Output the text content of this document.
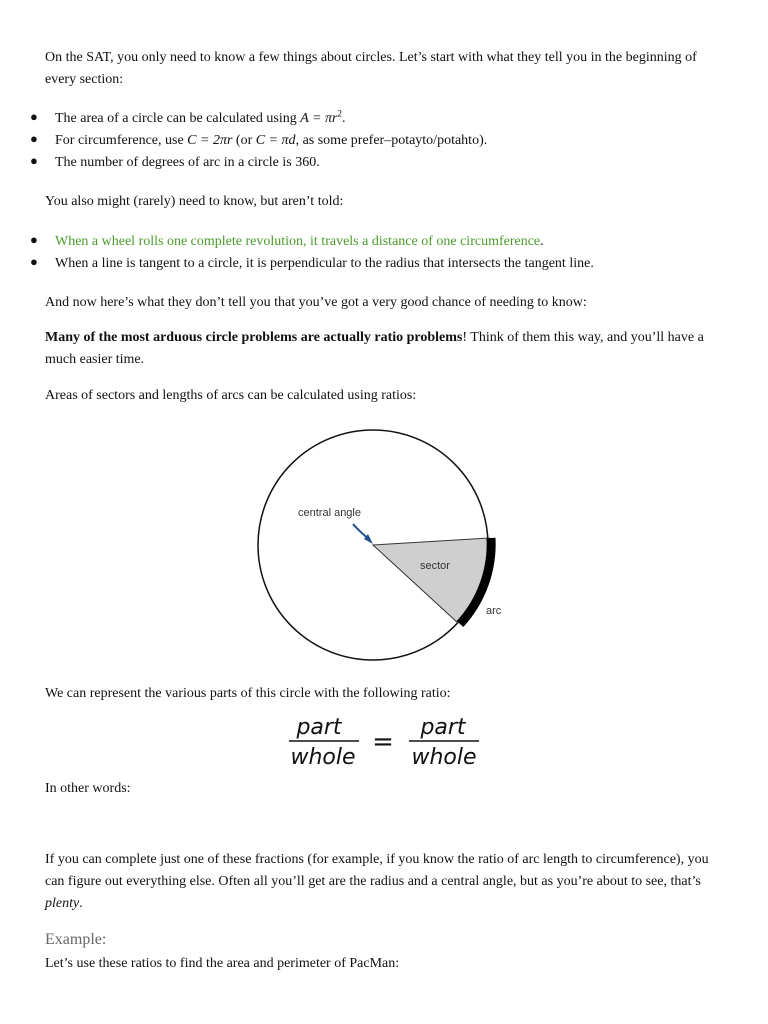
On the SAT, you only need to know a few things about circles. Let’s start with what they tell you in the beginning of every section:

● The area of a circle can be calculated using $A = \pi r^2$.
● For circumference, use C = 2πr (or C = πd, as some prefer–potayto/potahto).
● The number of degrees of arc in a circle is 360.

You also might (rarely) need to know, but aren’t told:

● When a wheel rolls one complete revolution, it travels a distance of one circumference.
● When a line is tangent to a circle, it is perpendicular to the radius that intersects the tangent line.

And now here’s what they don’t tell you that you’ve got a very good chance of needing to know:

Many of the most arduous circle problems are actually ratio problems! Think of them this way, and you’ll have a much easier time.

Areas of sectors and lengths of arcs can be calculated using ratios:

central angle
sector
arc

We can represent the various parts of this circle with the following ratio:

part
whole
= part
whole

In other words:

If you can complete just one of these fractions (for example, if you know the ratio of arc length to circumference), you can figure out everything else. Often all you’ll get are the radius and a central angle, but as you’re about to see, that’s plenty.

Example:

Let’s use these ratios to find the area and perimeter of PacMan:
